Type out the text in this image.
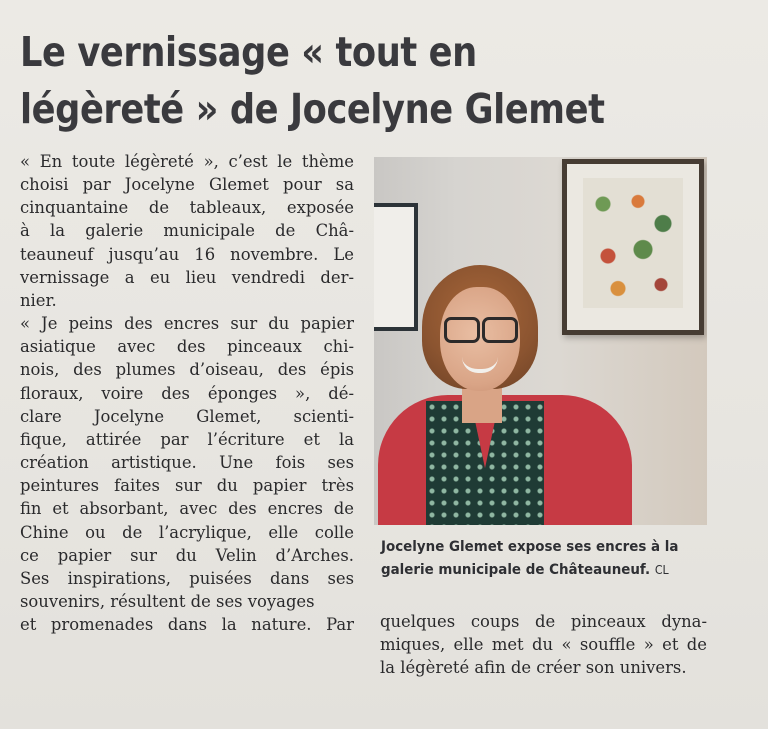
Le vernissage « tout en
légèreté » de Jocelyne Glemet
« En toute légèreté », c’est le thème
choisi par Jocelyne Glemet pour sa
cinquantaine de tableaux, exposée
à la galerie municipale de Châ-
teauneuf jusqu’au 16 novembre. Le
vernissage a eu lieu vendredi der-
nier.
« Je peins des encres sur du papier
asiatique avec des pinceaux chi-
nois, des plumes d’oiseau, des épis
floraux, voire des éponges », dé-
clare Jocelyne Glemet, scienti-
fique, attirée par l’écriture et la
création artistique. Une fois ses
peintures faites sur du papier très
fin et absorbant, avec des encres de
Chine ou de l’acrylique, elle colle
ce papier sur du Velin d’Arches.
Ses inspirations, puisées dans ses
souvenirs, résultent de ses voyages
et promenades dans la nature. Par
Jocelyne Glemet expose ses encres à la
galerie municipale de Châteauneuf. CL
quelques coups de pinceaux dyna-
miques, elle met du « souffle » et de
la légèreté afin de créer son univers.
